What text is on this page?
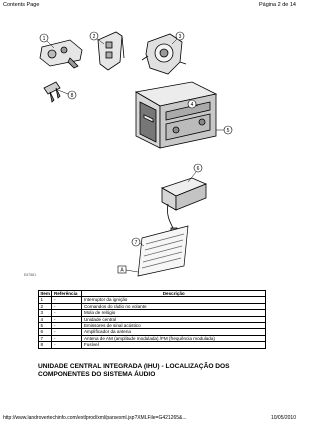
Contents Page	Página 2 de 14
1	2	3
4
5
6
7
8
A
E67581
Item	Referência	Descrição
1	-	Interruptor da ignição
2	-	Comandos do rádio no volante
3	-	Mola de relógio
4	-	Unidade central
5	-	Emissores de sinal acústico
6	-	Amplificador da antena
7	-	Antena de AM (amplitude modulada) /FM (frequência modulada)
8	-	Fusível
UNIDADE CENTRAL INTEGRADA (IHU) - LOCALIZAÇÃO DOS COMPONENTES DO SISTEMA ÁUDIO
http://www.landrovertechinfo.com/extlprod/xml/parsexml.jsp?XMLFile=G421265&...	10/05/2010
